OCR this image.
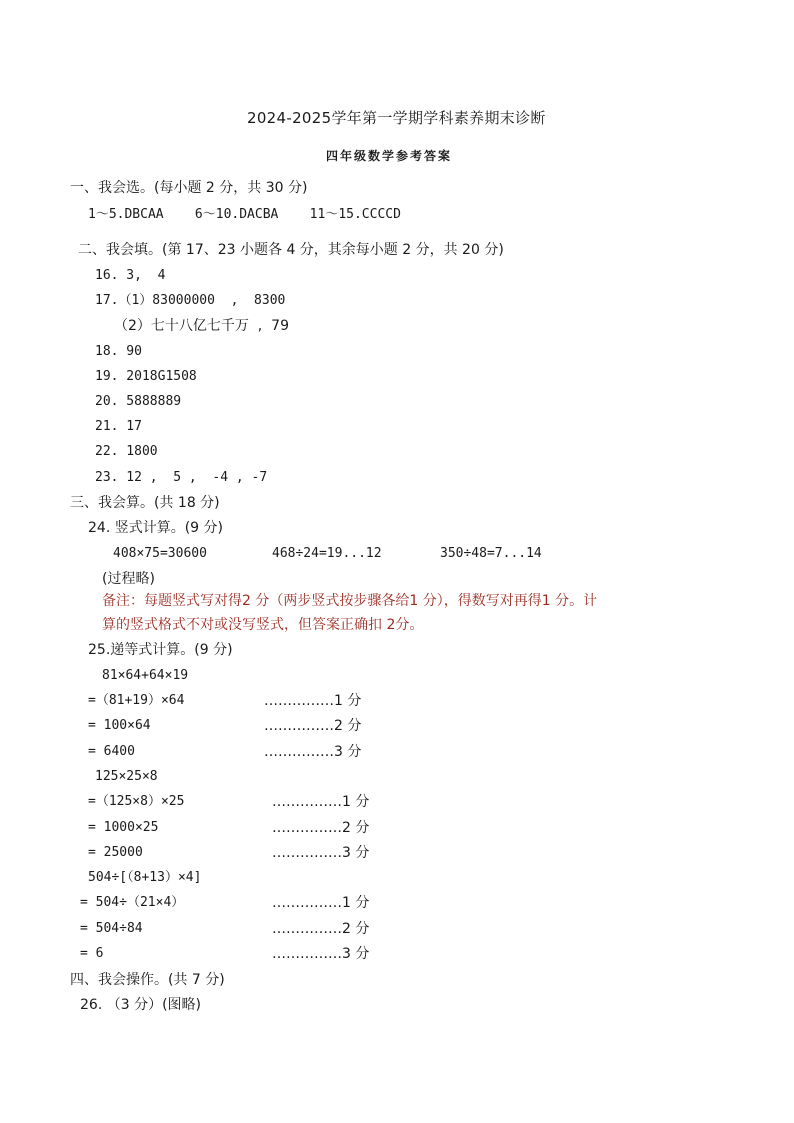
2024-2025学年第一学期学科素养期末诊断
四年级数学参考答案
一、我会选。(每小题 2 分，共 30 分)
1～5.DBCAA    6～10.DACBA    11～15.CCCCD
二、我会填。(第 17、23 小题各 4 分，其余每小题 2 分，共 20 分)
16. 3,  4
17.（1）83000000  ,  8300
（2）七十八亿七千万  ,  79
18. 90
19. 2018G1508
20. 5888889
21. 17
22. 1800
23. 12 ,  5 ,  -4 , -7
三、我会算。(共 18 分)
24. 竖式计算。(9 分)
408×75=30600	468÷24=19...12	350÷48=7...14
(过程略)
备注：每题竖式写对得2 分（两步竖式按步骤各给1 分），得数写对再得1 分。计
算的竖式格式不对或没写竖式，但答案正确扣 2分。
25.递等式计算。(9 分)
81×64+64×19
=（81+19）×64	……………1 分
= 100×64	……………2 分
= 6400	……………3 分
125×25×8
=（125×8）×25	……………1 分
= 1000×25	……………2 分
= 25000	……………3 分
504÷[（8+13）×4]
= 504÷（21×4）	……………1 分
= 504÷84	……………2 分
= 6	……………3 分
四、我会操作。(共 7 分)
26. （3 分）(图略)
